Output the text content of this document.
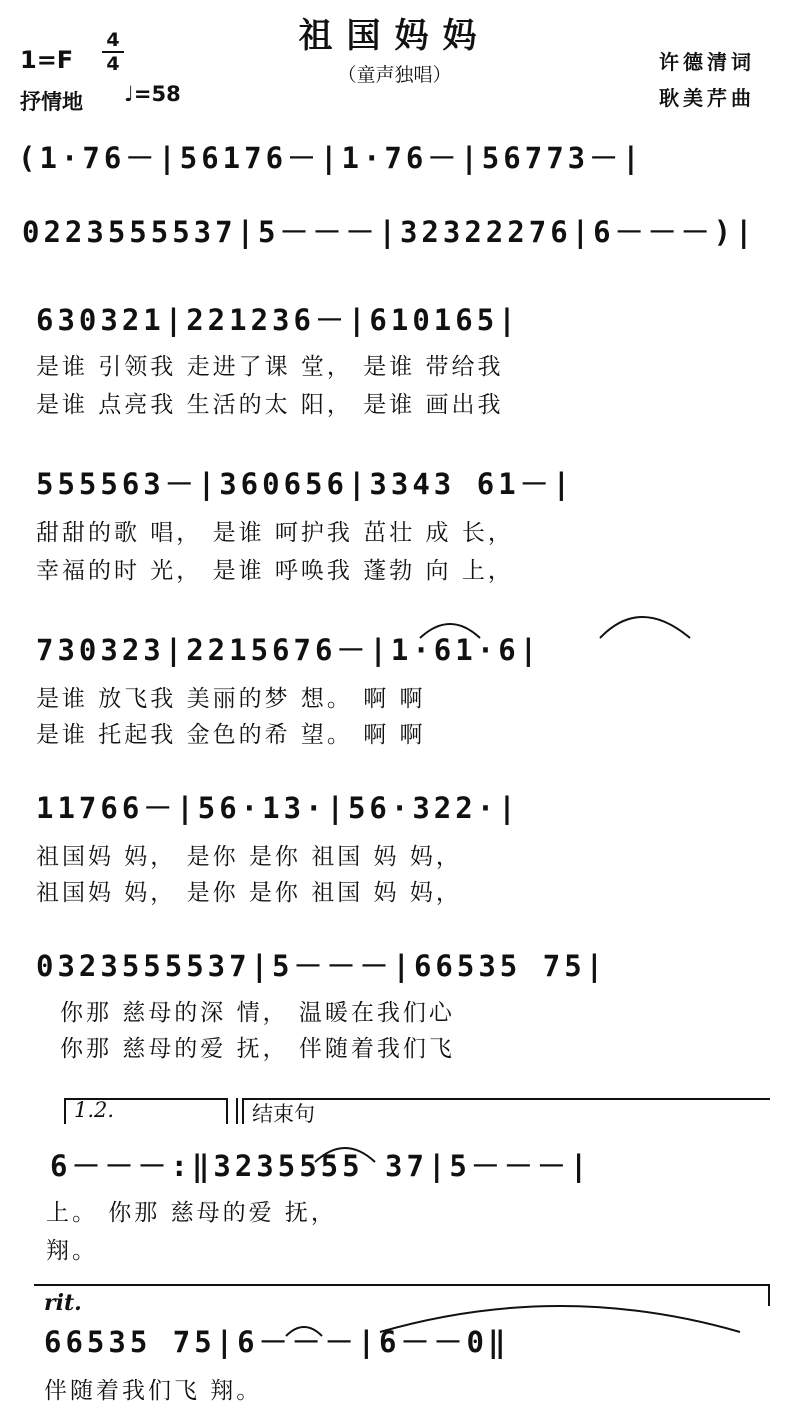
祖国妈妈
（童声独唱）
1=F
4
4
抒情地 ♩=58
许德清词
耿美芹曲
(1·76－|56176－|1·76－|56773－|
0223555537|5－－－|32322276|6－－－)|
630321|221236－|610165|
是谁 引领我 走进了课 堂， 是谁 带给我
是谁 点亮我 生活的太 阳， 是谁 画出我
555563－|360656|3343 61－|
甜甜的歌 唱， 是谁 呵护我 茁壮 成 长，
幸福的时 光， 是谁 呼唤我 蓬勃 向 上，
730323|2215676－|1·61·6|
是谁 放飞我 美丽的梦 想。 啊 啊
是谁 托起我 金色的希 望。 啊 啊
11766－|56·13·|56·322·|
祖国妈 妈， 是你 是你 祖国 妈 妈，
祖国妈 妈， 是你 是你 祖国 妈 妈，
0323555537|5－－－|66535 75|
你那 慈母的深 情， 温暖在我们心
你那 慈母的爱 抚， 伴随着我们飞
1.2.	结束句
6－－－:‖3235555 37|5－－－|
上。 你那 慈母的爱 抚，
翔。
rit.
66535 75|6－－－|6－－0‖
伴随着我们飞 翔。
